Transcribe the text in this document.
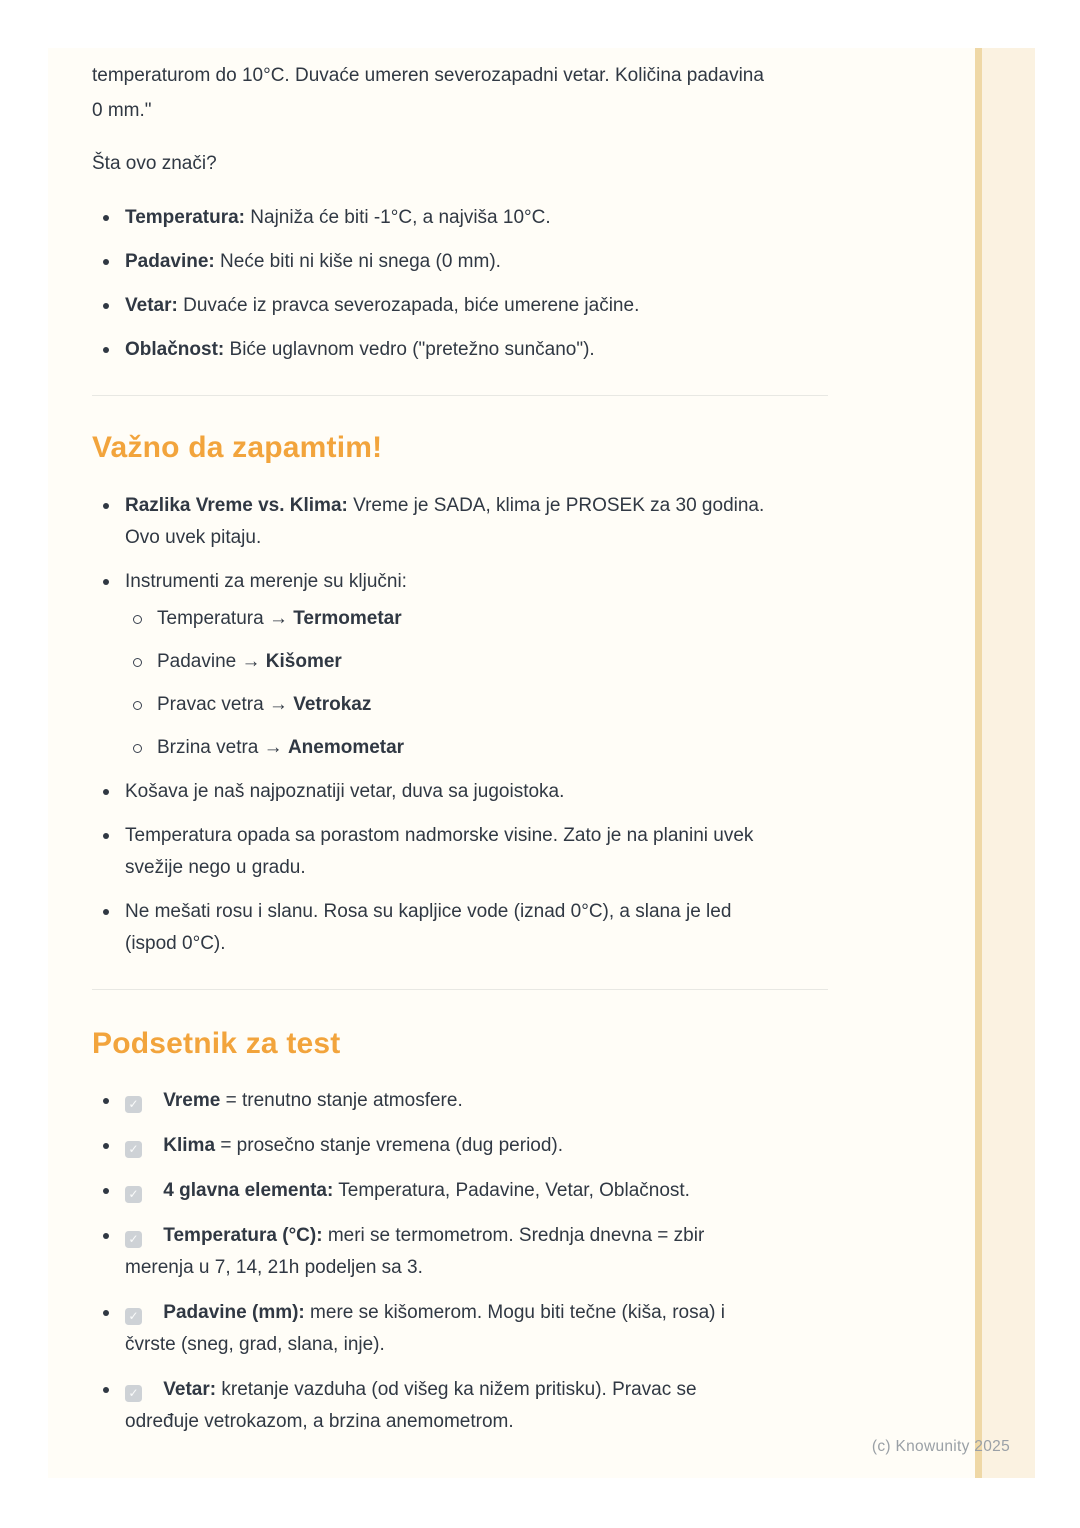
temperaturom do 10°C. Duvaće umeren severozapadni vetar. Količina padavina
0 mm."

Šta ovo znači?

Temperatura: Najniža će biti -1°C, a najviša 10°C.
Padavine: Neće biti ni kiše ni snega (0 mm).
Vetar: Duvaće iz pravca severozapada, biće umerene jačine.
Oblačnost: Biće uglavnom vedro ("pretežno sunčano").
Važno da zapamtim!
Razlika Vreme vs. Klima: Vreme je SADA, klima je PROSEK za 30 godina.
Ovo uvek pitaju.
Instrumenti za merenje su ključni:
Temperatura → Termometar
Padavine → Kišomer
Pravac vetra → Vetrokaz
Brzina vetra → Anemometar
Košava je naš najpoznatiji vetar, duva sa jugoistoka.
Temperatura opada sa porastom nadmorske visine. Zato je na planini uvek
svežije nego u gradu.
Ne mešati rosu i slanu. Rosa su kapljice vode (iznad 0°C), a slana je led
(ispod 0°C).
Podsetnik za test
✓ Vreme = trenutno stanje atmosfere.
✓ Klima = prosečno stanje vremena (dug period).
✓ 4 glavna elementa: Temperatura, Padavine, Vetar, Oblačnost.
✓ Temperatura (°C): meri se termometrom. Srednja dnevna = zbir
merenja u 7, 14, 21h podeljen sa 3.
✓ Padavine (mm): mere se kišomerom. Mogu biti tečne (kiša, rosa) i
čvrste (sneg, grad, slana, inje).
✓ Vetar: kretanje vazduha (od višeg ka nižem pritisku). Pravac se
određuje vetrokazom, a brzina anemometrom.
(c) Knowunity 2025
